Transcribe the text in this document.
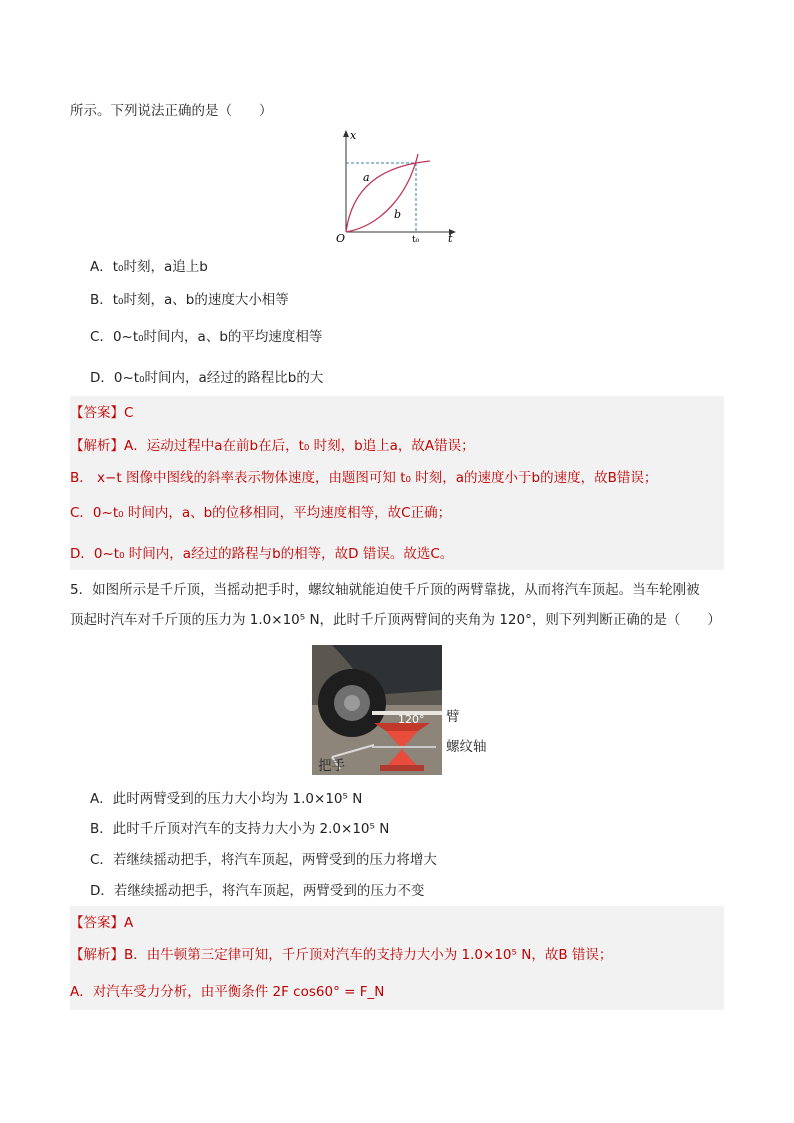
所示。下列说法正确的是（　　）
x
t
O
a
b
t₀
A．t₀时刻，a追上b
B．t₀时刻，a、b的速度大小相等
C．0~t₀时间内，a、b的平均速度相等
D．0~t₀时间内，a经过的路程比b的大
【答案】C
【解析】A．运动过程中a在前b在后，t₀ 时刻，b追上a，故A错误；
B． x−t 图像中图线的斜率表示物体速度，由题图可知 t₀ 时刻，a的速度小于b的速度，故B错误；
C．0~t₀ 时间内，a、b的位移相同，平均速度相等，故C正确；
D．0~t₀ 时间内，a经过的路程与b的相等，故D 错误。故选C。
5．如图所示是千斤顶，当摇动把手时，螺纹轴就能迫使千斤顶的两臂靠拢，从而将汽车顶起。当车轮刚被
顶起时汽车对千斤顶的压力为 1.0×10⁵ N，此时千斤顶两臂间的夹角为 120°，则下列判断正确的是（　　）
120° 臂
螺纹轴
把手
A．此时两臂受到的压力大小均为 1.0×10⁵ N
B．此时千斤顶对汽车的支持力大小为 2.0×10⁵ N
C．若继续摇动把手，将汽车顶起，两臂受到的压力将增大
D．若继续摇动把手，将汽车顶起，两臂受到的压力不变
【答案】A
【解析】B．由牛顿第三定律可知，千斤顶对汽车的支持力大小为 1.0×10⁵ N，故B 错误；
A．对汽车受力分析，由平衡条件 2F cos60° = F_N
